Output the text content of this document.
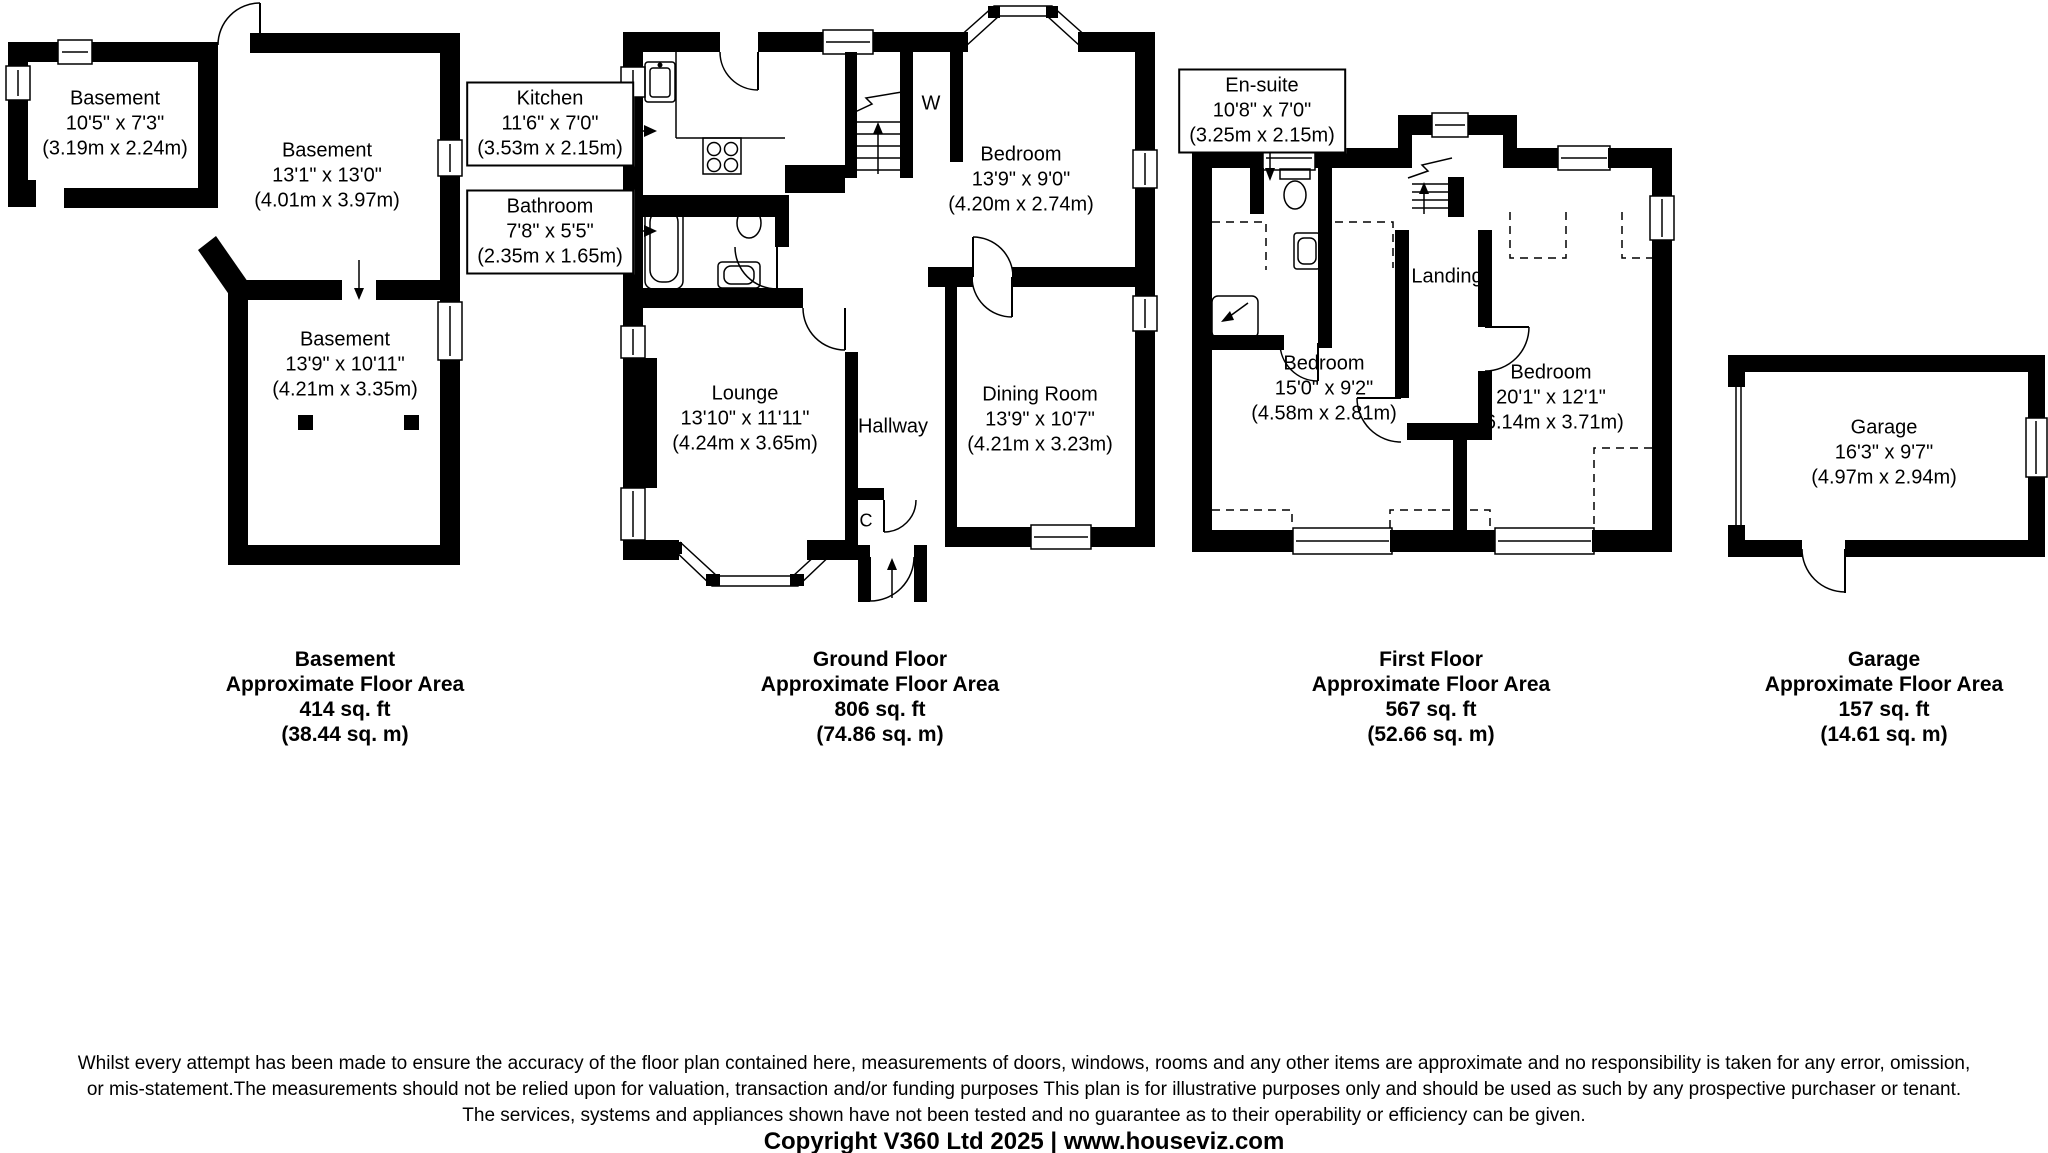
Basement
10'5" x 7'3"
(3.19m x 2.24m)	Basement
13'1" x 13'0"
(4.01m x 3.97m)
Basement
13'9" x 10'11"
(4.21m x 3.35m)
Kitchen
11'6" x 7'0"
(3.53m x 2.15m)
Bathroom
7'8" x 5'5"
(2.35m x 1.65m)
Lounge
13'10" x 11'11"
(4.24m x 3.65m)
Bedroom
13'9" x 9'0"
(4.20m x 2.74m)
Dining Room
13'9" x 10'7"
(4.21m x 3.23m)
Hallway
W
C
En-suite
10'8" x 7'0"
(3.25m x 2.15m)
Landing
Bedroom
15'0" x 9'2"
(4.58m x 2.81m)
Bedroom
20'1" x 12'1"
(6.14m x 3.71m)	Garage
16'3" x 9'7"
(4.97m x 2.94m)
Basement
Approximate Floor Area
414 sq. ft
(38.44 sq. m)
Ground Floor
Approximate Floor Area
806 sq. ft
(74.86 sq. m)
First Floor
Approximate Floor Area
567 sq. ft
(52.66 sq. m)
Garage
Approximate Floor Area
157 sq. ft
(14.61 sq. m)
Whilst every attempt has been made to ensure the accuracy of the floor plan contained here, measurements of doors, windows, rooms and any other items are approximate and no responsibility is taken for any error, omission,
or mis-statement.The measurements should not be relied upon for valuation, transaction and/or funding purposes This plan is for illustrative purposes only and should be used as such by any prospective purchaser or tenant.
The services, systems and appliances shown have not been tested and no guarantee as to their operability or efficiency can be given.
Copyright V360 Ltd 2025 | www.houseviz.com
